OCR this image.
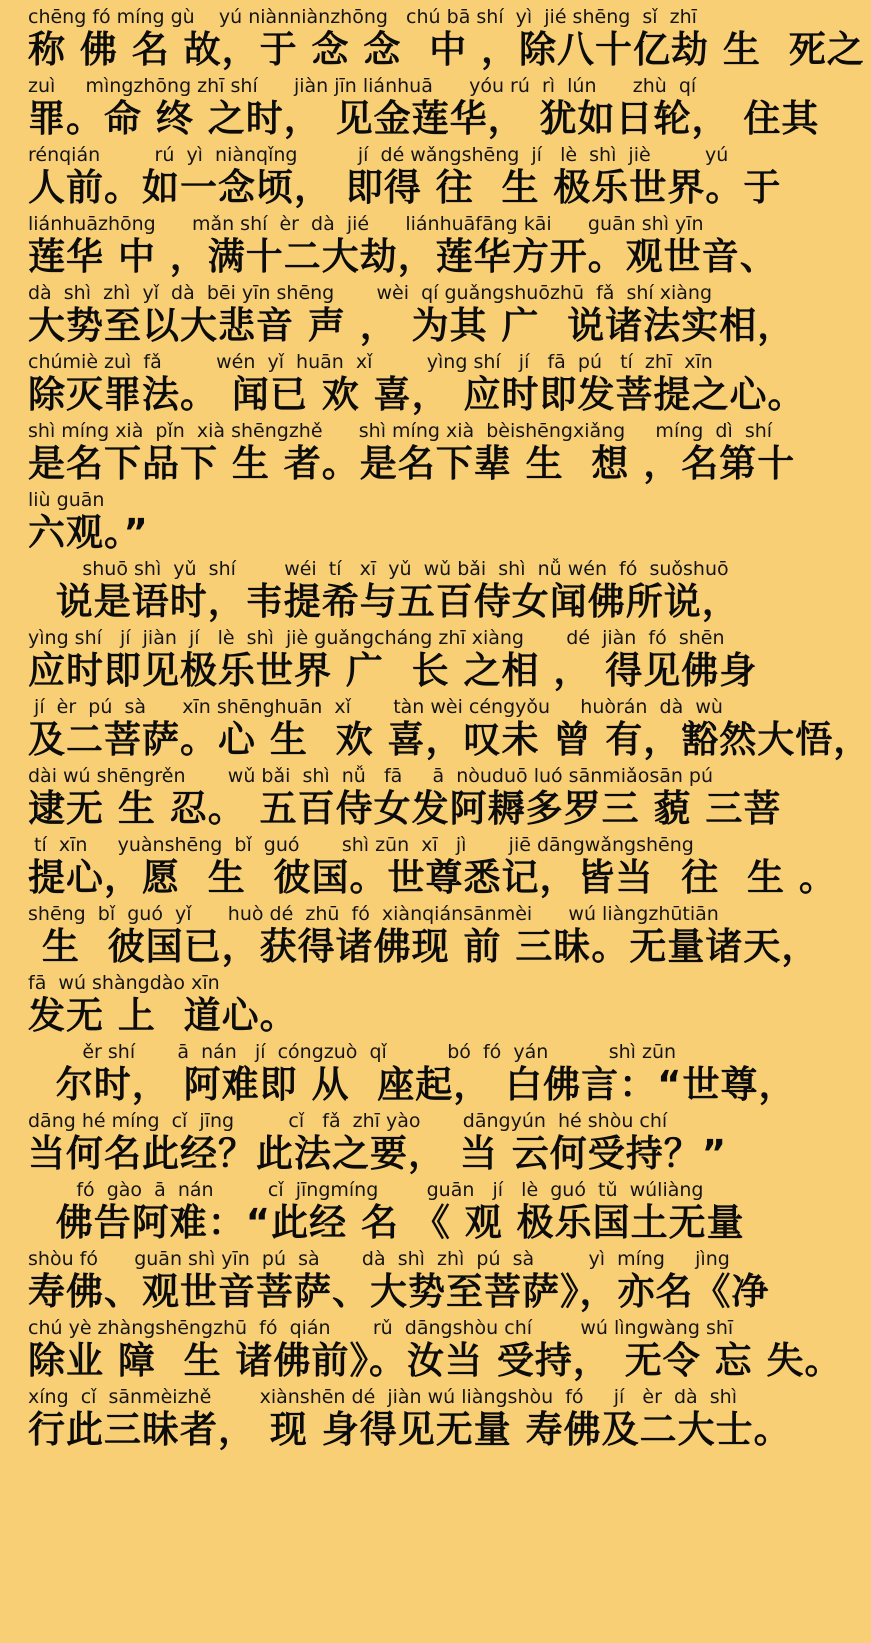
chēng fó míng gù    yú niànniànzhōng   chú bā shí  yì  jié shēng  sǐ  zhī
称 佛 名 故，于 念 念  中 ，除八十亿劫 生  死之
zuì     mìngzhōng zhī shí      jiàn jīn liánhuā      yóu rú  rì  lún      zhù  qí
罪。命 终 之时， 见金莲华， 犹如日轮， 住其
rénqián         rú  yì  niànqǐng          jí  dé wǎngshēng  jí   lè  shì  jiè         yú
人前。如一念顷， 即得 往  生 极乐世界。于
liánhuāzhōng      mǎn shí  èr  dà  jié      liánhuāfāng kāi      guān shì yīn
莲华 中 ，满十二大劫，莲华方开。观世音、
dà  shì  zhì  yǐ  dà  bēi yīn shēng       wèi  qí guǎngshuōzhū  fǎ  shí xiàng
大势至以大悲音 声 ， 为其 广  说诸法实相，
chúmiè zuì  fǎ         wén  yǐ  huān  xǐ         yìng shí   jí   fā  pú   tí  zhī  xīn
除灭罪法。 闻已 欢 喜， 应时即发菩提之心。
shì míng xià  pǐn  xià shēngzhě      shì míng xià  bèishēngxiǎng     míng  dì  shí
是名下品下 生 者。是名下辈 生  想 ，名第十
liù guān
六观。”
shuō shì  yǔ  shí        wéi  tí   xī  yǔ  wǔ bǎi  shì  nǚ wén  fó  suǒshuō
说是语时，韦提希与五百侍女闻佛所说，
yìng shí   jí  jiàn  jí   lè  shì  jiè guǎngcháng zhī xiàng       dé  jiàn  fó  shēn
应时即见极乐世界 广  长 之相 ， 得见佛身
jí  èr  pú  sà      xīn shēnghuān  xǐ       tàn wèi céngyǒu     huòrán  dà  wù
及二菩萨。心 生  欢 喜，叹未 曾 有，豁然大悟，
dài wú shēngrěn       wǔ bǎi  shì  nǚ   fā     ā  nòuduō luó sānmiǎosān pú
逮无 生 忍。 五百侍女发阿耨多罗三 藐 三菩
tí  xīn     yuànshēng  bǐ  guó       shì zūn  xī   jì       jiē dāngwǎngshēng
提心，愿  生  彼国。世尊悉记，皆当  往  生 。
shēng  bǐ  guó  yǐ      huò dé  zhū  fó  xiànqiánsānmèi      wú liàngzhūtiān
生  彼国已，获得诸佛现 前 三昧。无量诸天，
fā  wú shàngdào xīn
发无 上  道心。
ěr shí       ā  nán   jí  cóngzuò  qǐ          bó  fó  yán          shì zūn
尔时， 阿难即 从  座起， 白佛言：“世尊，
dāng hé míng  cǐ  jīng         cǐ   fǎ  zhī yào       dāngyún  hé shòu chí
当何名此经？此法之要， 当 云何受持？”
fó  gào  ā  nán         cǐ  jīngmíng        guān   jí   lè  guó  tǔ  wúliàng
佛告阿难：“此经 名 《 观 极乐国土无量
shòu fó      guān shì yīn  pú  sà       dà  shì  zhì  pú  sà         yì  míng     jìng
寿佛、观世音菩萨、大势至菩萨》，亦名《净
chú yè zhàngshēngzhū  fó  qián       rǔ  dāngshòu chí        wú lìngwàng shī
除业 障  生 诸佛前》。汝当 受持， 无令 忘 失。
xíng  cǐ  sānmèizhě        xiànshēn dé  jiàn wú liàngshòu  fó     jí   èr  dà  shì
行此三昧者， 现 身得见无量 寿佛及二大士。
